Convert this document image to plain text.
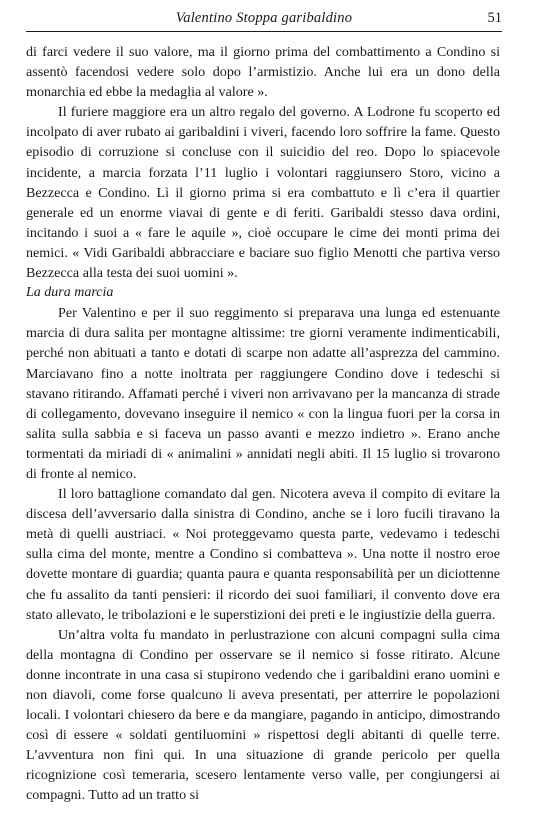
Valentino Stoppa garibaldino	51

di farci vedere il suo valore, ma il giorno prima del combattimento a Condino si assentò facendosi vedere solo dopo l’armistizio. Anche lui era un dono della monarchia ed ebbe la medaglia al valore ».

Il furiere maggiore era un altro regalo del governo. A Lodrone fu scoperto ed incolpato di aver rubato ai garibaldini i viveri, facendo loro soffrire la fame. Questo episodio di corruzione si concluse con il suicidio del reo. Dopo lo spiacevole incidente, a marcia forzata l’11 luglio i volontari raggiunsero Storo, vicino a Bezzecca e Condino. Lì il giorno prima si era combattuto e lì c’era il quartier generale ed un enorme viavai di gente e di feriti. Garibaldi stesso dava ordini, incitando i suoi a « fare le aquile », cioè occupare le cime dei monti prima dei nemici. « Vidi Garibaldi abbracciare e baciare suo figlio Menotti che partiva verso Bezzecca alla testa dei suoi uomini ».

La dura marcia

Per Valentino e per il suo reggimento si preparava una lunga ed estenuante marcia di dura salita per montagne altissime: tre giorni veramente indimenticabili, perché non abituati a tanto e dotati di scarpe non adatte all’asprezza del cammino. Marciavano fino a notte inoltrata per raggiungere Condino dove i tedeschi si stavano ritirando. Affamati perché i viveri non arrivavano per la mancanza di strade di collegamento, dovevano inseguire il nemico « con la lingua fuori per la corsa in salita sulla sabbia e si faceva un passo avanti e mezzo indietro ». Erano anche tormentati da miriadi di « animalini » annidati negli abiti. Il 15 luglio si trovarono di fronte al nemico.

Il loro battaglione comandato dal gen. Nicotera aveva il compito di evitare la discesa dell’avversario dalla sinistra di Condino, anche se i loro fucili tiravano la metà di quelli austriaci. « Noi proteggevamo questa parte, vedevamo i tedeschi sulla cima del monte, mentre a Condino si combatteva ». Una notte il nostro eroe dovette montare di guardia; quanta paura e quanta responsabilità per un diciottenne che fu assalito da tanti pensieri: il ricordo dei suoi familiari, il convento dove era stato allevato, le tribolazioni e le superstizioni dei preti e le ingiustizie della guerra.

Un’altra volta fu mandato in perlustrazione con alcuni compagni sulla cima della montagna di Condino per osservare se il nemico si fosse ritirato. Alcune donne incontrate in una casa si stupirono vedendo che i garibaldini erano uomini e non diavoli, come forse qualcuno li aveva presentati, per atterrire le popolazioni locali. I volontari chiesero da bere e da mangiare, pagando in anticipo, dimostrando così di essere « soldati gentiluomini » rispettosi degli abitanti di quelle terre. L’avventura non finì qui. In una situazione di grande pericolo per quella ricognizione così temeraria, scesero lentamente verso valle, per congiungersi ai compagni. Tutto ad un tratto si
